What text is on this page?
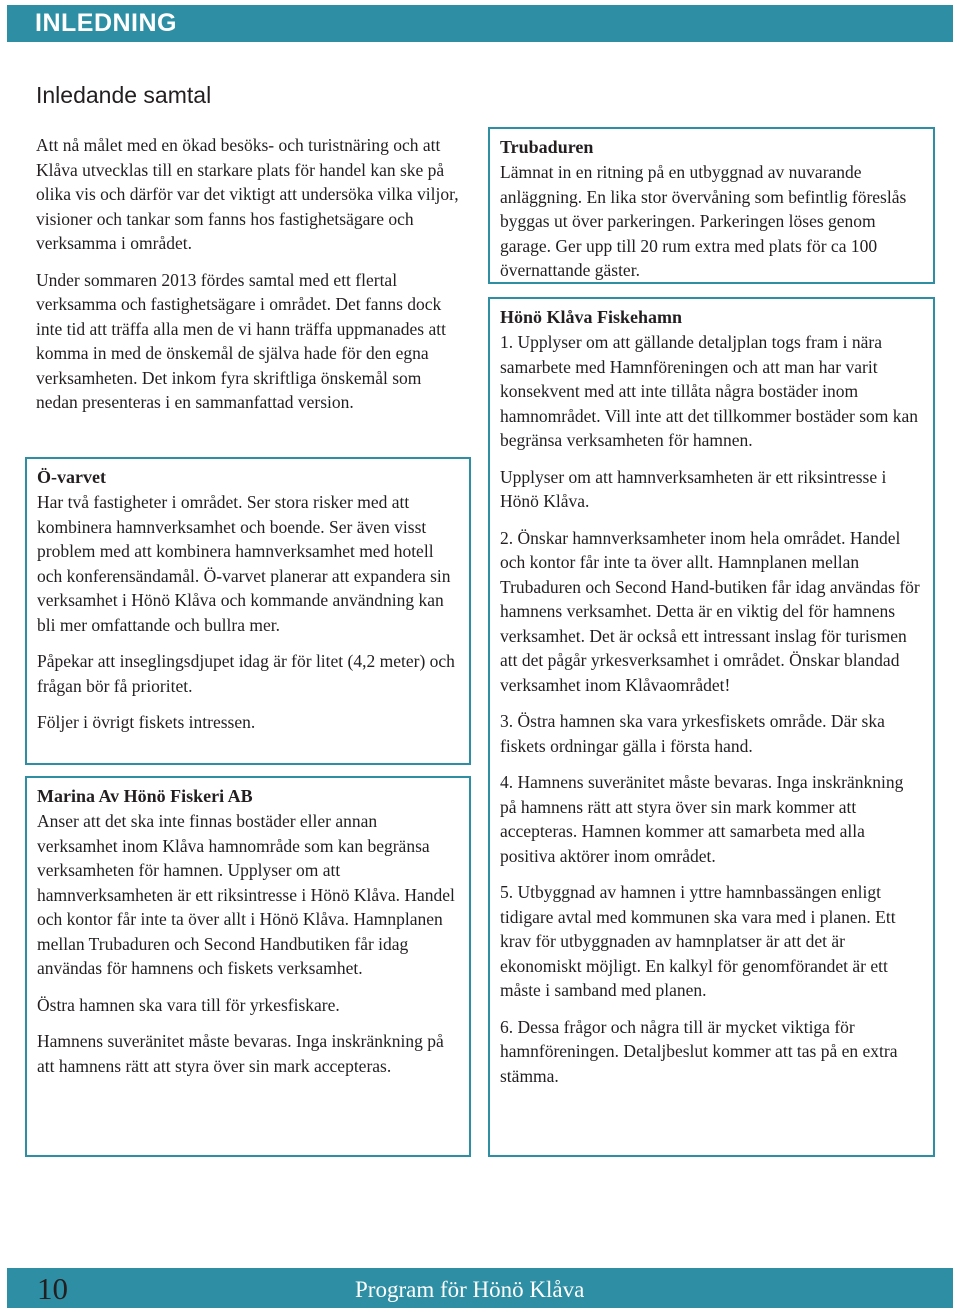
INLEDNING
Inledande samtal

Att nå målet med en ökad besöks- och turistnäring och att Klåva utvecklas till en starkare plats för handel kan ske på olika vis och därför var det viktigt att undersöka vilka viljor, visioner och tankar som fanns hos fastighetsägare och verksamma i området.

Under sommaren 2013 fördes samtal med ett flertal verksamma och fastighetsägare i området. Det fanns dock inte tid att träffa alla men de vi hann träffa uppmanades att komma in med de önskemål de själva hade för den egna verksamheten. Det inkom fyra skriftliga önskemål som nedan presenteras i en sammanfattad version.

Ö-varvet

Har två fastigheter i området. Ser stora risker med att kombinera hamnverksamhet och boende. Ser även visst problem med att kombinera hamnverksamhet med hotell och konferensändamål. Ö-varvet planerar att expandera sin verksamhet i Hönö Klåva och kommande användning kan bli mer omfattande och bullra mer.

Påpekar att inseglingsdjupet idag är för litet (4,2 meter) och frågan bör få prioritet.

Följer i övrigt fiskets intressen.

Marina Av Hönö Fiskeri AB

Anser att det ska inte finnas bostäder eller annan verksamhet inom Klåva hamnområde som kan begränsa verksamheten för hamnen. Upplyser om att hamnverksamheten är ett riksintresse i Hönö Klåva. Handel och kontor får inte ta över allt i Hönö Klåva. Hamnplanen mellan Trubaduren och Second Handbutiken får idag användas för hamnens och fiskets verksamhet.

Östra hamnen ska vara till för yrkesfiskare.

Hamnens suveränitet måste bevaras. Inga inskränkning på att hamnens rätt att styra över sin mark accepteras.

Trubaduren

Lämnat in en ritning på en utbyggnad av nuvarande anläggning. En lika stor övervåning som befintlig föreslås byggas ut över parkeringen. Parkeringen löses genom garage. Ger upp till 20 rum extra med plats för ca 100 övernattande gäster.

Hönö Klåva Fiskehamn

1. Upplyser om att gällande detaljplan togs fram i nära samarbete med Hamnföreningen och att man har varit konsekvent med att inte tillåta några bostäder inom hamnområdet. Vill inte att det tillkommer bostäder som kan begränsa verksamheten för hamnen.

Upplyser om att hamnverksamheten är ett riksintresse i Hönö Klåva.

2. Önskar hamnverksamheter inom hela området. Handel och kontor får inte ta över allt. Hamnplanen mellan Trubaduren och Second Hand-butiken får idag användas för hamnens verksamhet. Detta är en viktig del för hamnens verksamhet. Det är också ett intressant inslag för turismen att det pågår yrkesverksamhet i området. Önskar blandad verksamhet inom Klåvaområdet!

3. Östra hamnen ska vara yrkesfiskets område. Där ska fiskets ordningar gälla i första hand.

4. Hamnens suveränitet måste bevaras. Inga inskränkning på hamnens rätt att styra över sin mark kommer att accepteras. Hamnen kommer att samarbeta med alla positiva aktörer inom området.

5. Utbyggnad av hamnen i yttre hamnbassängen enligt tidigare avtal med kommunen ska vara med i planen. Ett krav för utbyggnaden av hamnplatser är att det är ekonomiskt möjligt. En kalkyl för genomförandet är ett måste i samband med planen.

6. Dessa frågor och några till är mycket viktiga för hamnföreningen. Detaljbeslut kommer att tas på en extra stämma.

10	Program för Hönö Klåva
